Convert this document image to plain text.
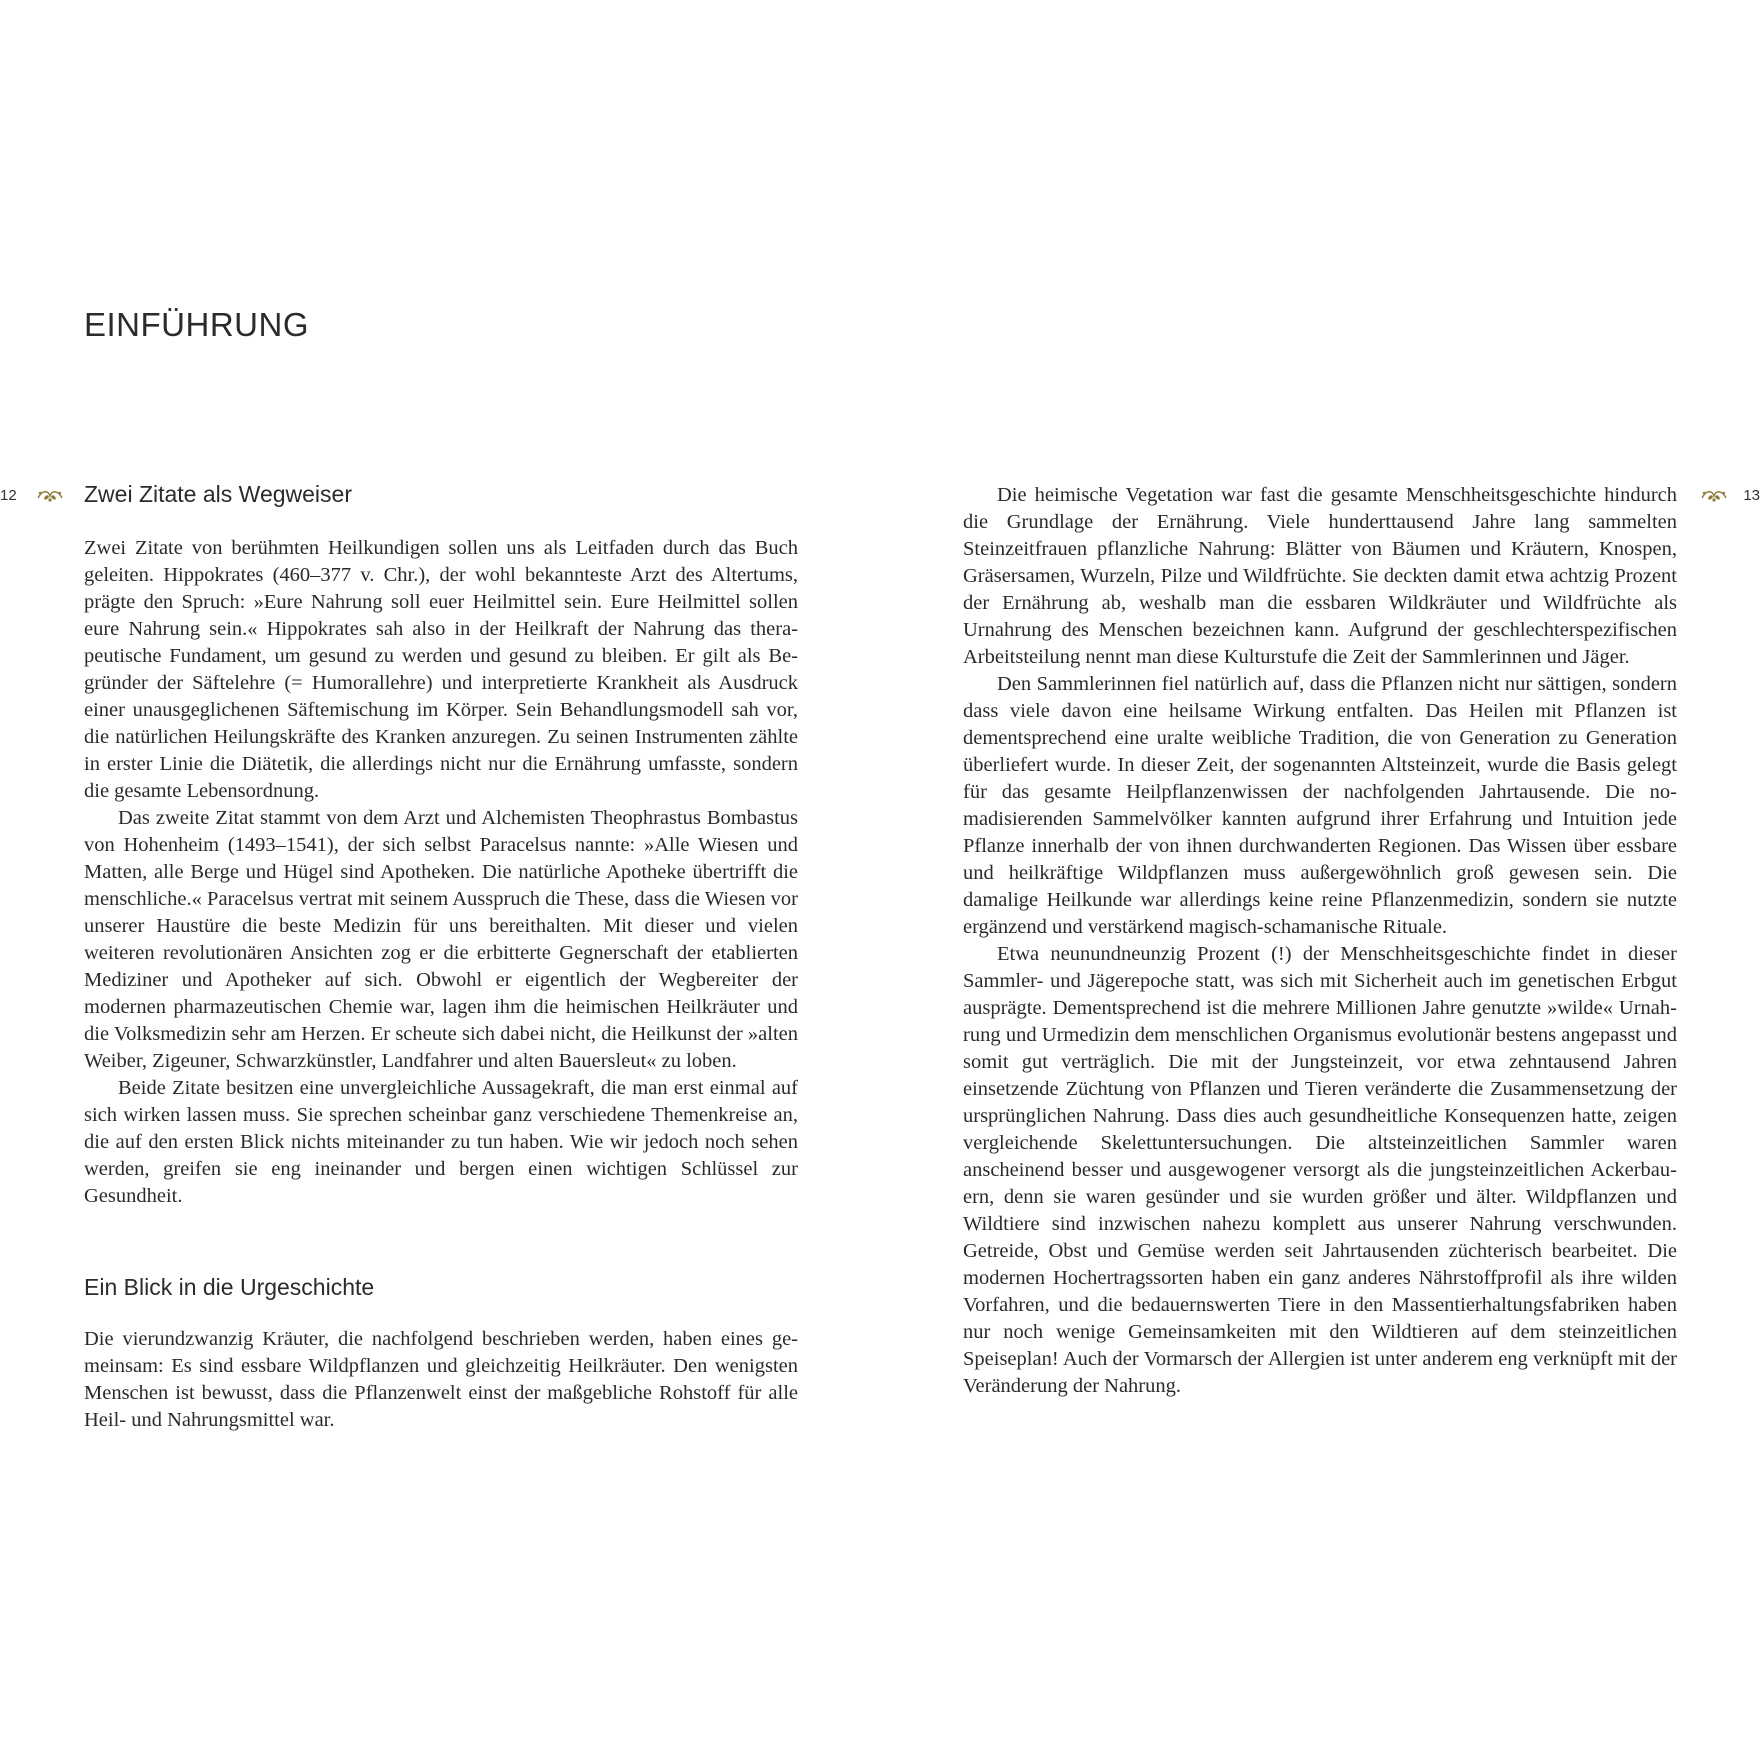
EINFÜHRUNG
12	Zwei Zitate als Wegweiser

Zwei Zitate von berühmten Heilkundigen sollen uns als Leitfaden durch das Buch geleiten. Hippokrates (460–377 v. Chr.), der wohl bekannteste Arzt des Altertums, prägte den Spruch: »Eure Nahrung soll euer Heilmittel sein. Eure Heilmittel sollen eure Nahrung sein.« Hippokrates sah also in der Heilkraft der Nahrung das therapeutische Fundament, um gesund zu werden und gesund zu bleiben. Er gilt als Begründer der Säftelehre (= Humorallehre) und interpretierte Krankheit als Ausdruck einer unausgeglichenen Säftemischung im Körper. Sein Behandlungsmodell sah vor, die natürlichen Heilungskräfte des Kranken anzuregen. Zu seinen Instrumenten zählte in erster Linie die Diätetik, die allerdings nicht nur die Ernährung umfasste, sondern die gesamte Lebensordnung.

Das zweite Zitat stammt von dem Arzt und Alchemisten Theophrastus Bombastus von Hohenheim (1493–1541), der sich selbst Paracelsus nannte: »Alle Wiesen und Matten, alle Berge und Hügel sind Apotheken. Die natürliche Apotheke übertrifft die menschliche.« Paracelsus vertrat mit seinem Ausspruch die These, dass die Wiesen vor unserer Haustüre die beste Medizin für uns bereithalten. Mit dieser und vielen weiteren revolutionären Ansichten zog er die erbitterte Gegnerschaft der etablierten Mediziner und Apotheker auf sich. Obwohl er eigentlich der Wegbereiter der modernen pharmazeutischen Chemie war, lagen ihm die heimischen Heilkräuter und die Volksmedizin sehr am Herzen. Er scheute sich dabei nicht, die Heilkunst der »alten Weiber, Zigeuner, Schwarzkünstler, Landfahrer und alten Bauersleut« zu loben.

Beide Zitate besitzen eine unvergleichliche Aussagekraft, die man erst einmal auf sich wirken lassen muss. Sie sprechen scheinbar ganz verschiedene Themenkreise an, die auf den ersten Blick nichts miteinander zu tun haben. Wie wir jedoch noch sehen werden, greifen sie eng ineinander und bergen einen wichtigen Schlüssel zur Gesundheit.

Ein Blick in die Urgeschichte

Die vierundzwanzig Kräuter, die nachfolgend beschrieben werden, haben eines gemeinsam: Es sind essbare Wildpflanzen und gleichzeitig Heilkräuter. Den wenigsten Menschen ist bewusst, dass die Pflanzenwelt einst der maßgebliche Rohstoff für alle Heil- und Nahrungsmittel war.

13

Die heimische Vegetation war fast die gesamte Menschheitsgeschichte hindurch die Grundlage der Ernährung. Viele hunderttausend Jahre lang sammelten Steinzeitfrauen pflanzliche Nahrung: Blätter von Bäumen und Kräutern, Knospen, Gräsersamen, Wurzeln, Pilze und Wildfrüchte. Sie deckten damit etwa achtzig Prozent der Ernährung ab, weshalb man die essbaren Wildkräuter und Wildfrüchte als Urnahrung des Menschen bezeichnen kann. Aufgrund der geschlechterspezifischen Arbeitsteilung nennt man diese Kulturstufe die Zeit der Sammlerinnen und Jäger.

Den Sammlerinnen fiel natürlich auf, dass die Pflanzen nicht nur sättigen, sondern dass viele davon eine heilsame Wirkung entfalten. Das Heilen mit Pflanzen ist dementsprechend eine uralte weibliche Tradition, die von Generation zu Generation überliefert wurde. In dieser Zeit, der sogenannten Altsteinzeit, wurde die Basis gelegt für das gesamte Heilpflanzenwissen der nachfolgenden Jahrtausende. Die nomadisierenden Sammelvölker kannten aufgrund ihrer Erfahrung und Intuition jede Pflanze innerhalb der von ihnen durchwanderten Regionen. Das Wissen über essbare und heilkräftige Wildpflanzen muss außergewöhnlich groß gewesen sein. Die damalige Heilkunde war allerdings keine reine Pflanzenmedizin, sondern sie nutzte ergänzend und verstärkend magisch-schamanische Rituale.

Etwa neunundneunzig Prozent (!) der Menschheitsgeschichte findet in dieser Sammler- und Jägerepoche statt, was sich mit Sicherheit auch im genetischen Erbgut ausprägte. Dementsprechend ist die mehrere Millionen Jahre genutzte »wilde« Urnahrung und Urmedizin dem menschlichen Organismus evolutionär bestens angepasst und somit gut verträglich. Die mit der Jungsteinzeit, vor etwa zehntausend Jahren einsetzende Züchtung von Pflanzen und Tieren veränderte die Zusammensetzung der ursprünglichen Nahrung. Dass dies auch gesundheitliche Konsequenzen hatte, zeigen vergleichende Skelettuntersuchungen. Die altsteinzeitlichen Sammler waren anscheinend besser und ausgewogener versorgt als die jungsteinzeitlichen Ackerbauern, denn sie waren gesünder und sie wurden größer und älter. Wildpflanzen und Wildtiere sind inzwischen nahezu komplett aus unserer Nahrung verschwunden. Getreide, Obst und Gemüse werden seit Jahrtausenden züchterisch bearbeitet. Die modernen Hochertragssorten haben ein ganz anderes Nährstoffprofil als ihre wilden Vorfahren, und die bedauernswerten Tiere in den Massentierhaltungsfabriken haben nur noch wenige Gemeinsamkeiten mit den Wildtieren auf dem steinzeitlichen Speiseplan! Auch der Vormarsch der Allergien ist unter anderem eng verknüpft mit der Veränderung der Nahrung.
